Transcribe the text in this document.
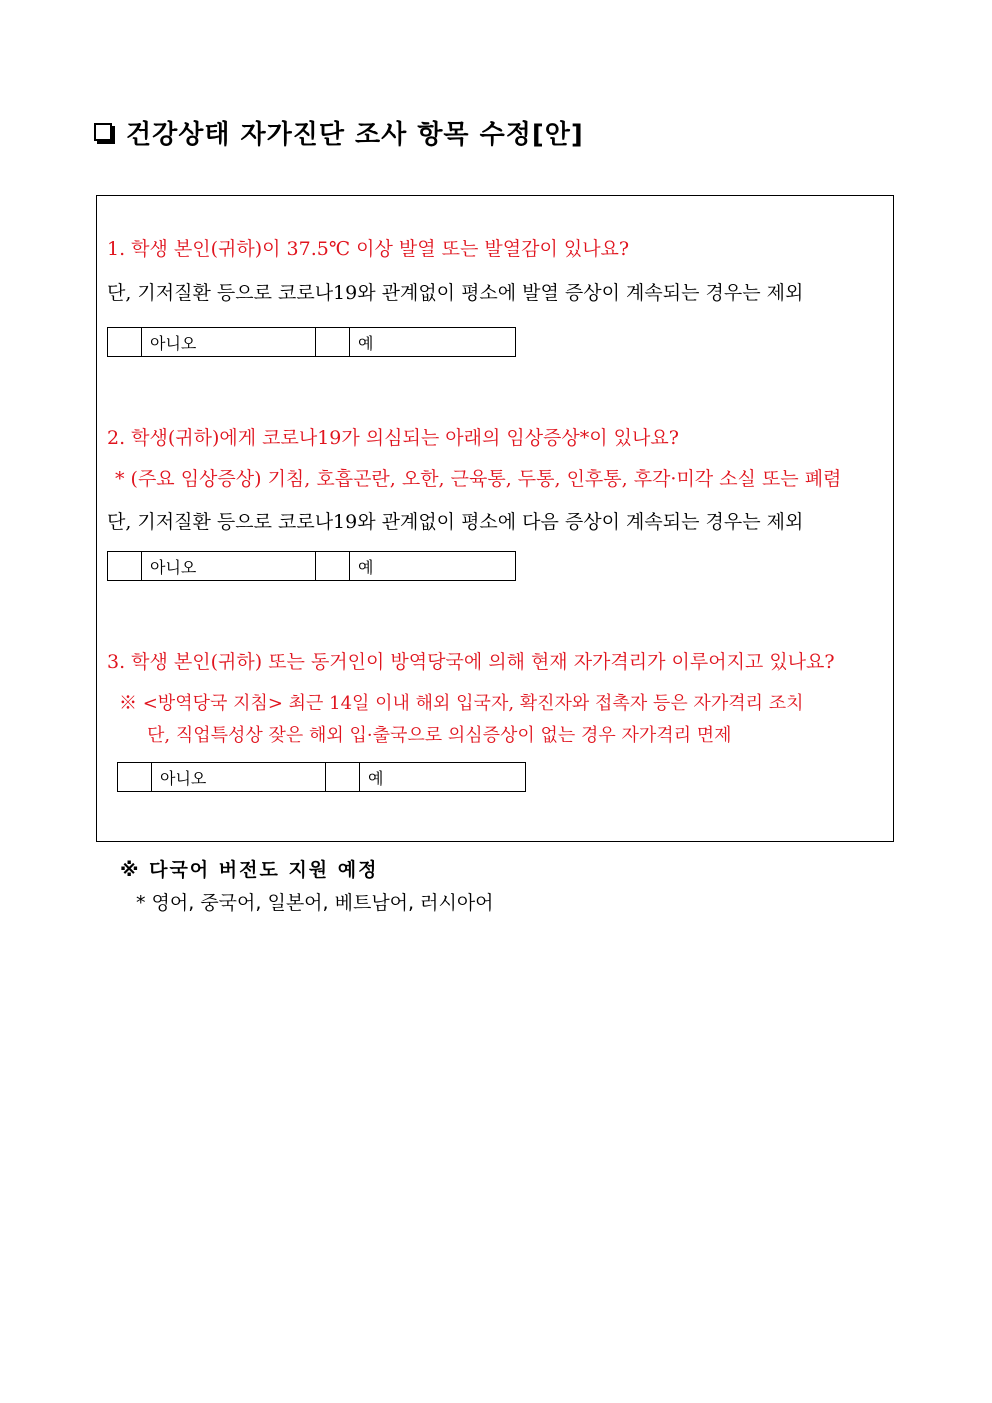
건강상태 자가진단 조사 항목 수정[안]
1. 학생 본인(귀하)이 37.5℃ 이상 발열 또는 발열감이 있나요?
단, 기저질환 등으로 코로나19와 관계없이 평소에 발열 증상이 계속되는 경우는 제외
	아니오		예
2. 학생(귀하)에게 코로나19가 의심되는 아래의 임상증상*이 있나요?
* (주요 임상증상) 기침, 호흡곤란, 오한, 근육통, 두통, 인후통, 후각·미각 소실 또는 폐렴
단, 기저질환 등으로 코로나19와 관계없이 평소에 다음 증상이 계속되는 경우는 제외
	아니오		예
3. 학생 본인(귀하) 또는 동거인이 방역당국에 의해 현재 자가격리가 이루어지고 있나요?
※ <방역당국 지침> 최근 14일 이내 해외 입국자, 확진자와 접촉자 등은 자가격리 조치
단, 직업특성상 잦은 해외 입·출국으로 의심증상이 없는 경우 자가격리 면제
	아니오		예
※ 다국어 버전도 지원 예정
* 영어, 중국어, 일본어, 베트남어, 러시아어
